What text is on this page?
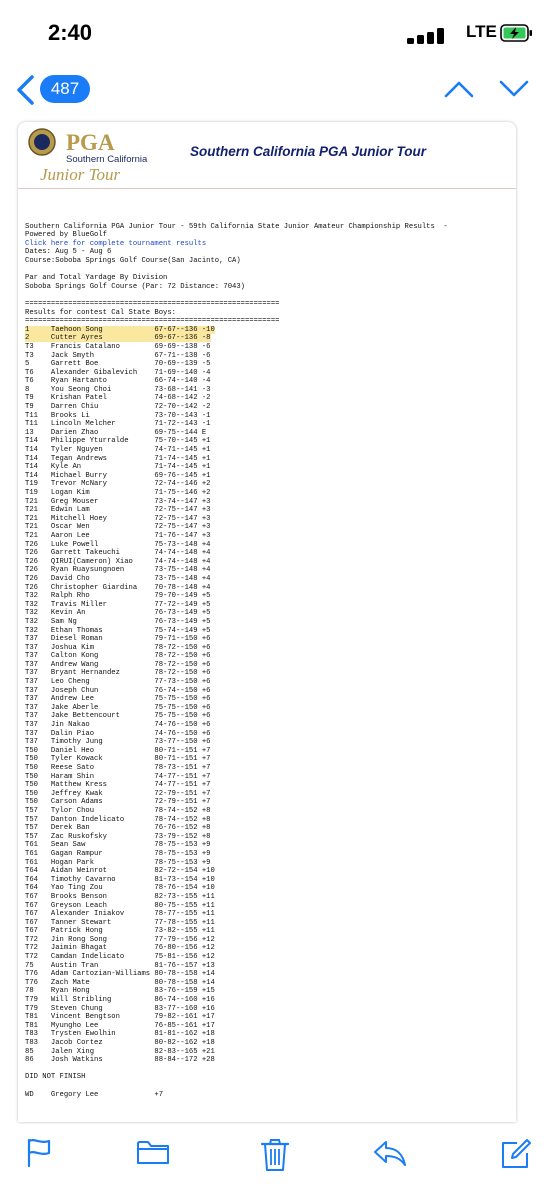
2:40	LTE
487
PGA
Southern California
Junior Tour
Southern California PGA Junior Tour

Southern California PGA Junior Tour - 59th California State Junior Amateur Championship Results  -
Powered by BlueGolf
Click here for complete tournament results
Dates: Aug 5 - Aug 6
Course:Soboba Springs Golf Course(San Jacinto, CA)

Par and Total Yardage By Division
Soboba Springs Golf Course (Par: 72 Distance: 7043)

===========================================================
Results for contest Cal State Boys:
===========================================================
1     Taehoon Song            67-67--136 -10
2     Cutter Ayres            69-67--136 -8
T3    Francis Catalano        69-69--138 -6
T3    Jack Smyth              67-71--138 -6
5     Garrett Boe             70-69--139 -5
T6    Alexander Gibalevich    71-69--140 -4
T6    Ryan Hartanto           66-74--140 -4
8     You Seong Choi          73-68--141 -3
T9    Krishan Patel           74-68--142 -2
T9    Darren Chiu             72-70--142 -2
T11   Brooks Li               73-70--143 -1
T11   Lincoln Melcher         71-72--143 -1
13    Darien Zhao             69-75--144 E
T14   Philippe Yturralde      75-70--145 +1
T14   Tyler Nguyen            74-71--145 +1
T14   Tegan Andrews           71-74--145 +1
T14   Kyle An                 71-74--145 +1
T14   Michael Burry           69-76--145 +1
T19   Trevor McNary           72-74--146 +2
T19   Logan Kim               71-75--146 +2
T21   Greg Mouser             73-74--147 +3
T21   Edwin Lam               72-75--147 +3
T21   Mitchell Hoey           72-75--147 +3
T21   Oscar Wen               72-75--147 +3
T21   Aaron Lee               71-76--147 +3
T26   Luke Powell             75-73--148 +4
T26   Garrett Takeuchi        74-74--148 +4
T26   QIRUI(Cameron) Xiao     74-74--148 +4
T26   Ryan Ruaysungnoen       73-75--148 +4
T26   David Cho               73-75--148 +4
T26   Christopher Giardina    70-78--148 +4
T32   Ralph Rho               79-70--149 +5
T32   Travis Miller           77-72--149 +5
T32   Kevin An                76-73--149 +5
T32   Sam Ng                  76-73--149 +5
T32   Ethan Thomas            75-74--149 +5
T37   Diesel Roman            79-71--150 +6
T37   Joshua Kim              78-72--150 +6
T37   Calton Kong             78-72--150 +6
T37   Andrew Wang             78-72--150 +6
T37   Bryant Hernandez        78-72--150 +6
T37   Leo Cheng               77-73--150 +6
T37   Joseph Chun             76-74--150 +6
T37   Andrew Lee              75-75--150 +6
T37   Jake Aberle             75-75--150 +6
T37   Jake Bettencourt        75-75--150 +6
T37   Jin Nakao               74-76--150 +6
T37   Dalin Piao              74-76--150 +6
T37   Timothy Jung            73-77--150 +6
T50   Daniel Heo              80-71--151 +7
T50   Tyler Kowack            80-71--151 +7
T50   Reese Sato              78-73--151 +7
T50   Haram Shin              74-77--151 +7
T50   Matthew Kress           74-77--151 +7
T50   Jeffrey Kwak            72-79--151 +7
T50   Carson Adams            72-79--151 +7
T57   Tylor Chou              78-74--152 +8
T57   Danton Indelicato       78-74--152 +8
T57   Derek Ban               76-76--152 +8
T57   Zac Ruskofsky           73-79--152 +8
T61   Sean Saw                78-75--153 +9
T61   Gagan Rampur            78-75--153 +9
T61   Hogan Park              78-75--153 +9
T64   Aidan Weinrot           82-72--154 +10
T64   Timothy Cavarno         81-73--154 +10
T64   Yao Ting Zou            78-76--154 +10
T67   Brooks Benson           82-73--155 +11
T67   Greyson Leach           80-75--155 +11
T67   Alexander Iniakov       78-77--155 +11
T67   Tanner Stewart          77-78--155 +11
T67   Patrick Hong            73-82--155 +11
T72   Jin Rong Song           77-79--156 +12
T72   Jaimin Bhagat           76-80--156 +12
T72   Camdan Indelicato       75-81--156 +12
75    Austin Tran             81-76--157 +13
T76   Adam Cartozian-Williams 80-78--158 +14
T76   Zach Mate               80-78--158 +14
78    Ryan Hong               83-76--159 +15
T79   Will Stribling          86-74--160 +16
T79   Steven Chung            83-77--160 +16
T81   Vincent Bengtson        79-82--161 +17
T81   Myungho Lee             76-85--161 +17
T83   Trysten Ewolhin         81-81--162 +18
T83   Jacob Cortez            80-82--162 +18
85    Jalen Xing              82-83--165 +21
86    Josh Watkins            88-84--172 +28

DID NOT FINISH

WD    Gregory Lee             +7
